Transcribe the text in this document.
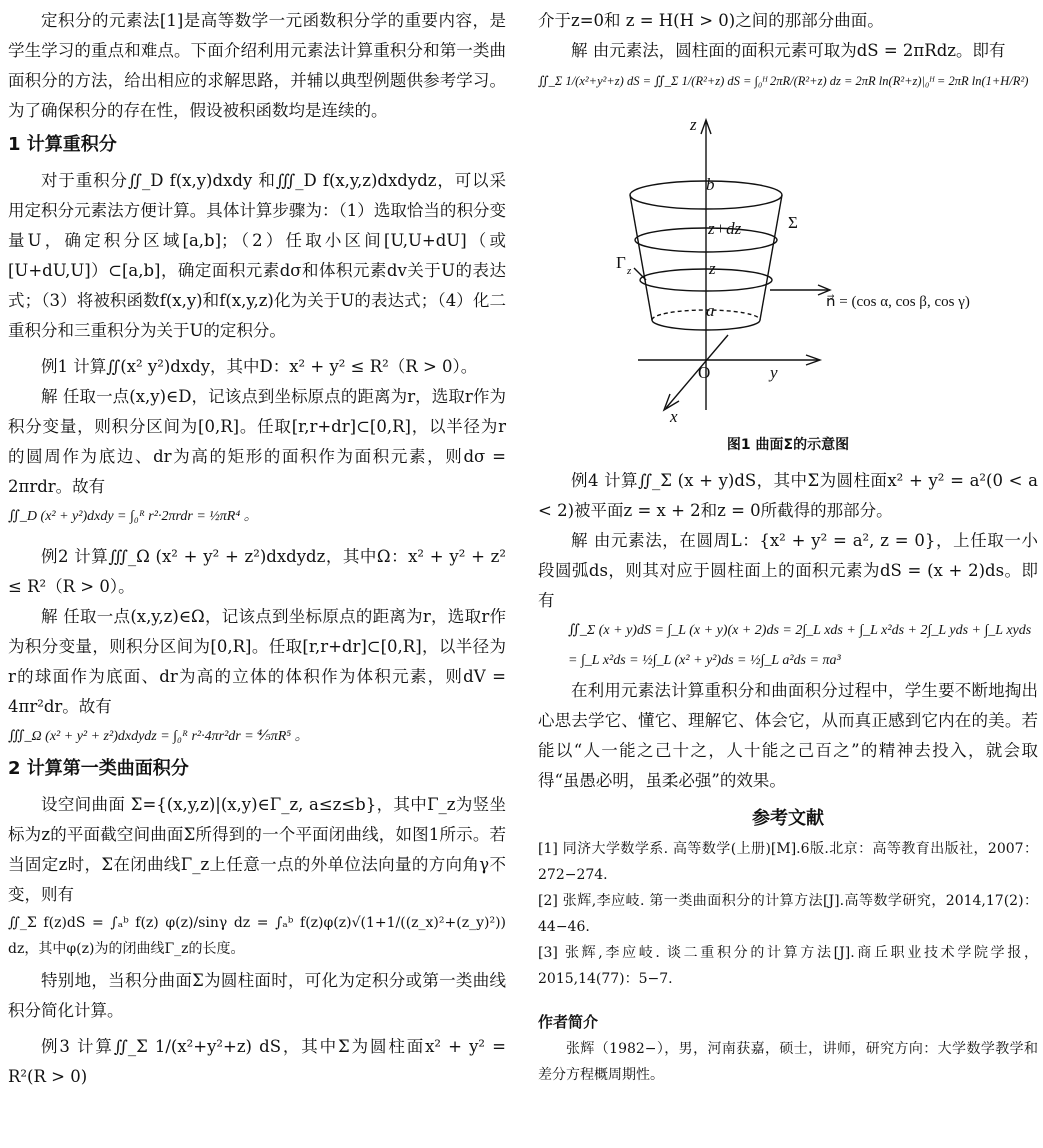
定积分的元素法[1]是高等数学一元函数积分学的重要内容，是学生学习的重点和难点。下面介绍利用元素法计算重积分和第一类曲面积分的方法，给出相应的求解思路，并辅以典型例题供参考学习。为了确保积分的存在性，假设被积函数均是连续的。

1 计算重积分

对于重积分∬_D f(x,y)dxdy 和∭_D f(x,y,z)dxdydz，可以采用定积分元素法方便计算。具体计算步骤为：（1）选取恰当的积分变量U，确定积分区域[a,b]；（2）任取小区间[U,U+dU]（或[U+dU,U]）⊂[a,b]，确定面积元素dσ和体积元素dv关于U的表达式；（3）将被积函数f(x,y)和f(x,y,z)化为关于U的表达式；（4）化二重积分和三重积分为关于U的定积分。

例1 计算∬(x² y²)dxdy，其中D：x² + y² ≤ R²（R > 0）。

解 任取一点(x,y)∈D，记该点到坐标原点的距离为r，选取r作为积分变量，则积分区间为[0,R]。任取[r,r+dr]⊂[0,R]，以半径为r的圆周作为底边、dr为高的矩形的面积作为面积元素，则dσ = 2πrdr。故有

∬_D (x² + y²)dxdy = ∫₀ᴿ r²·2πrdr = ½πR⁴ 。

例2 计算∭_Ω (x² + y² + z²)dxdydz，其中Ω：x² + y² + z² ≤ R²（R > 0）。

解 任取一点(x,y,z)∈Ω，记该点到坐标原点的距离为r，选取r作为积分变量，则积分区间为[0,R]。任取[r,r+dr]⊂[0,R]，以半径为r的球面作为底面、dr为高的立体的体积作为体积元素，则dV = 4πr²dr。故有

∭_Ω (x² + y² + z²)dxdydz = ∫₀ᴿ r²·4πr²dr = ⅘πR⁵ 。

2 计算第一类曲面积分

设空间曲面 Σ={(x,y,z)|(x,y)∈Γ_z, a≤z≤b}，其中Γ_z为竖坐标为z的平面截空间曲面Σ所得到的一个平面闭曲线，如图1所示。若当固定z时，Σ在闭曲线Γ_z上任意一点的外单位法向量的方向角γ不变，则有

∬_Σ f(z)dS = ∫ₐᵇ f(z) φ(z)/sinγ dz = ∫ₐᵇ f(z)φ(z)√(1+1/((z_x)²+(z_y)²)) dz，其中φ(z)为的闭曲线Γ_z的长度。

特别地，当积分曲面Σ为圆柱面时，可化为定积分或第一类曲线积分简化计算。

例3 计算∬_Σ 1/(x²+y²+z) dS，其中Σ为圆柱面x² + y² = R²(R > 0)

介于z=0和 z = H(H > 0)之间的那部分曲面。

解 由元素法，圆柱面的面积元素可取为dS = 2πRdz。即有

∬_Σ 1/(x²+y²+z) dS = ∬_Σ 1/(R²+z) dS = ∫₀ᴴ 2πR/(R²+z) dz = 2πR ln(R²+z)|₀ᴴ = 2πR ln(1+H/R²)

z
b
z+dz
z
Σ
Γ z
n⃗ = (cos α, cos β, cos γ)
a
O	y
x

图1 曲面Σ的示意图

例4 计算∬_Σ (x + y)dS，其中Σ为圆柱面x² + y² = a²(0 < a < 2)被平面z = x + 2和z = 0所截得的那部分。

解 由元素法，在圆周L：{x² + y² = a², z = 0}，上任取一小段圆弧ds，则其对应于圆柱面上的面积元素为dS = (x + 2)ds。即有

∬_Σ (x + y)dS = ∫_L (x + y)(x + 2)ds = 2∫_L xds + ∫_L x²ds + 2∫_L yds + ∫_L xyds

= ∫_L x²ds = ½∫_L (x² + y²)ds = ½∫_L a²ds = πa³

在利用元素法计算重积分和曲面积分过程中，学生要不断地掏出心思去学它、懂它、理解它、体会它，从而真正感到它内在的美。若能以“人一能之己十之，人十能之己百之”的精神去投入，就会取得“虽愚必明，虽柔必强”的效果。

参考文献

[1] 同济大学数学系. 高等数学(上册)[M].6版.北京：高等教育出版社，2007：272−274.

[2] 张辉,李应岐. 第一类曲面积分的计算方法[J].高等数学研究，2014,17(2)：44−46.

[3] 张辉,李应岐. 谈二重积分的计算方法[J].商丘职业技术学院学报，2015,14(77)：5−7.

作者简介

张辉（1982−），男，河南获嘉，硕士，讲师，研究方向：大学数学教学和差分方程概周期性。
